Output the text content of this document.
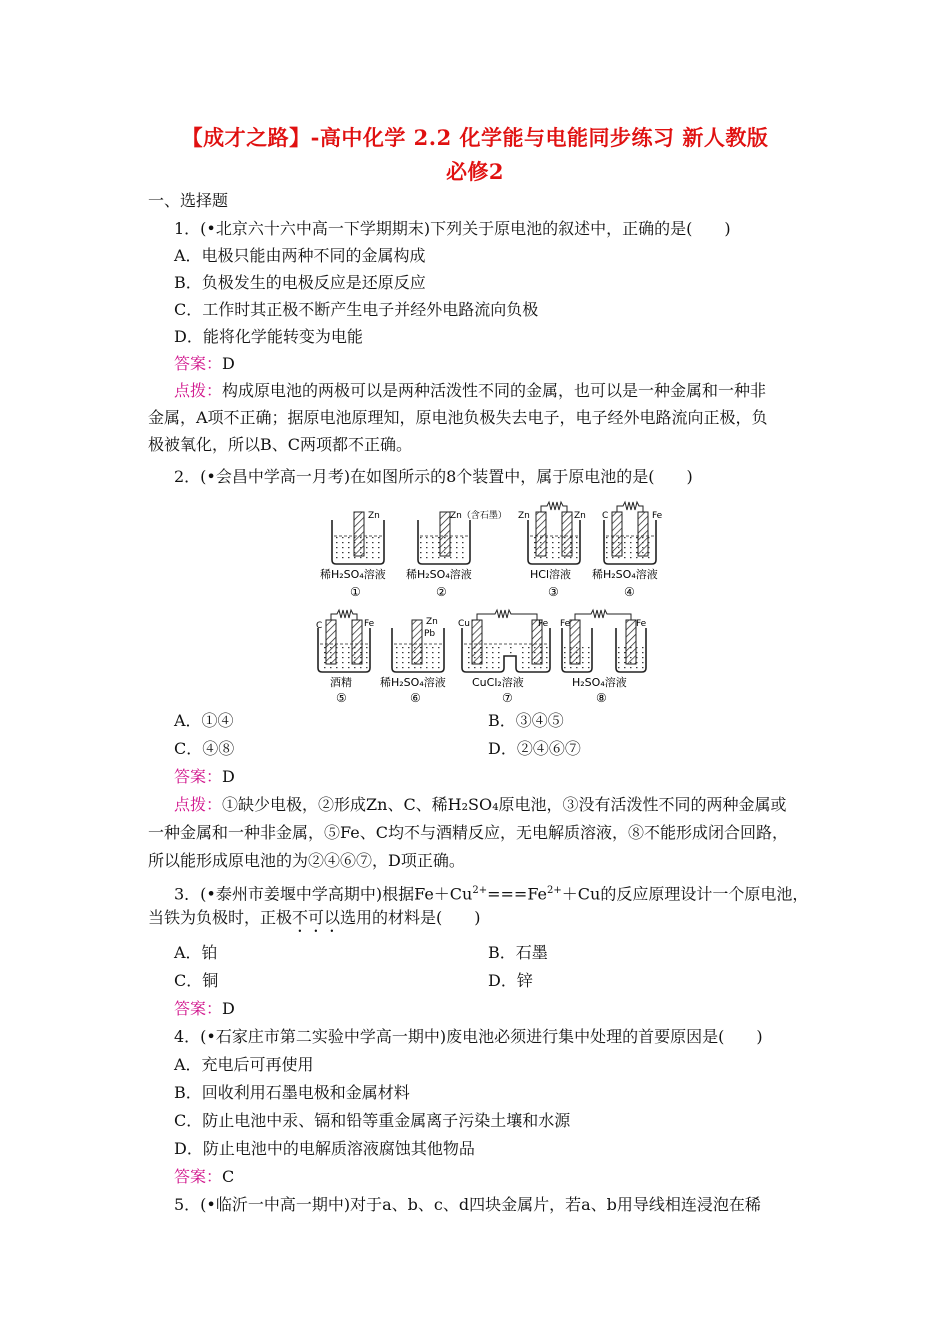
【成才之路】-高中化学 2.2 化学能与电能同步练习 新人教版
必修2
一、选择题
1．(•北京六十六中高一下学期期末)下列关于原电池的叙述中，正确的是(　　)
A．电极只能由两种不同的金属构成
B．负极发生的电极反应是还原反应
C．工作时其正极不断产生电子并经外电路流向负极
D．能将化学能转变为电能
答案：D
点拨：构成原电池的两极可以是两种活泼性不同的金属，也可以是一种金属和一种非
金属，A项不正确；据原电池原理知，原电池负极失去电子，电子经外电路流向正极，负
极被氧化，所以B、C两项都不正确。
2．(•会昌中学高一月考)在如图所示的8个装置中，属于原电池的是(　　)
Zn
稀H₂SO₄溶液
①
Zn（含石墨）
稀H₂SO₄溶液
②
Zn	Zn
HCl溶液
③
C	Fe
稀H₂SO₄溶液
④
C	Fe
酒精
⑤
Zn
Pb
稀H₂SO₄溶液
⑥
Cu	Fe
CuCl₂溶液
⑦
Fe	Fe
H₂SO₄溶液
⑧
A．①④	B．③④⑤
C．④⑧	D．②④⑥⑦
答案：D
点拨：①缺少电极，②形成Zn、C、稀H₂SO₄原电池，③没有活泼性不同的两种金属或
一种金属和一种非金属，⑤Fe、C均不与酒精反应，无电解质溶液，⑧不能形成闭合回路，
所以能形成原电池的为②④⑥⑦，D项正确。
3．(•泰州市姜堰中学高期中)根据$Fe+Cu^{2+}===Fe^{2+}+Cu$的反应原理设计一个原电池，
当铁为负极时，正极不可以选用的材料是(　　)
A．铂	B．石墨
C．铜	D．锌
答案：D
4．(•石家庄市第二实验中学高一期中)废电池必须进行集中处理的首要原因是(　　)
A．充电后可再使用
B．回收利用石墨电极和金属材料
C．防止电池中汞、镉和铅等重金属离子污染土壤和水源
D．防止电池中的电解质溶液腐蚀其他物品
答案：C
5．(•临沂一中高一期中)对于a、b、c、d四块金属片，若a、b用导线相连浸泡在稀
